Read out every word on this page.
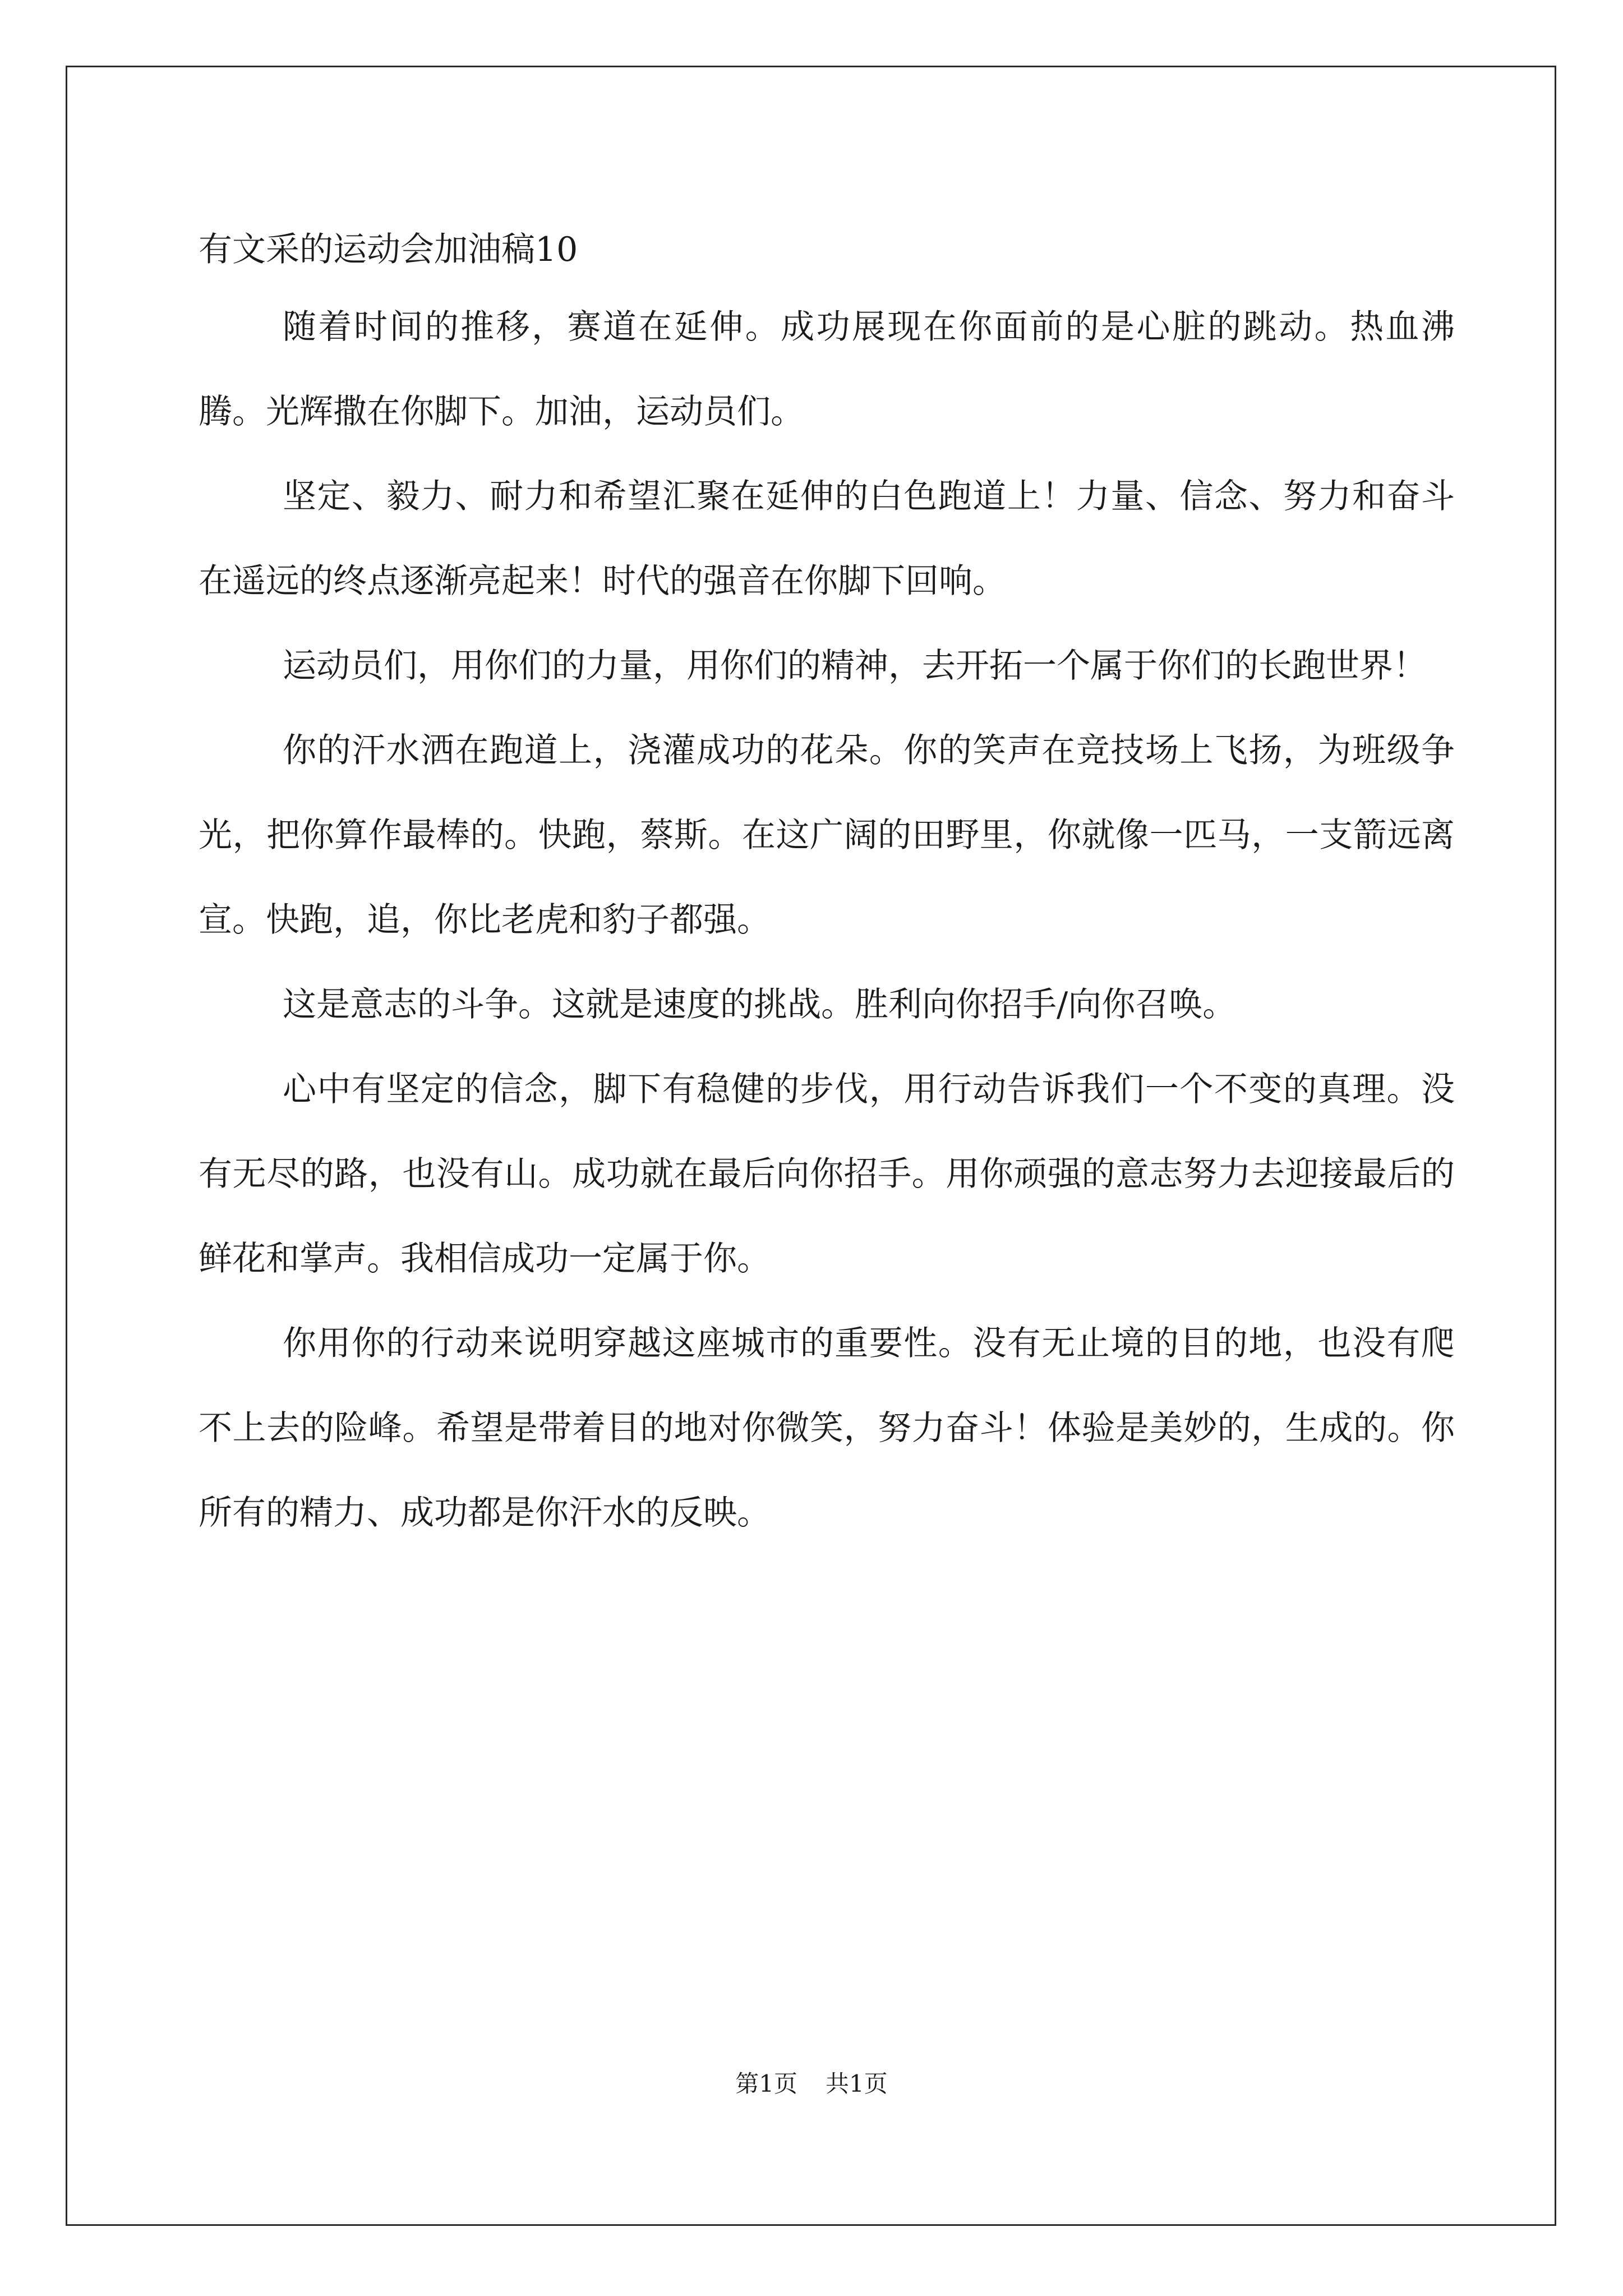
有文采的运动会加油稿10

随着时间的推移，赛道在延伸。成功展现在你面前的是心脏的跳动。热血沸腾。光辉撒在你脚下。加油，运动员们。

坚定、毅力、耐力和希望汇聚在延伸的白色跑道上！力量、信念、努力和奋斗在遥远的终点逐渐亮起来！时代的强音在你脚下回响。

运动员们，用你们的力量，用你们的精神，去开拓一个属于你们的长跑世界！

你的汗水洒在跑道上，浇灌成功的花朵。你的笑声在竞技场上飞扬，为班级争光，把你算作最棒的。快跑，蔡斯。在这广阔的田野里，你就像一匹马，一支箭远离宣。快跑，追，你比老虎和豹子都强。

这是意志的斗争。这就是速度的挑战。胜利向你招手/向你召唤。

心中有坚定的信念，脚下有稳健的步伐，用行动告诉我们一个不变的真理。没有无尽的路，也没有山。成功就在最后向你招手。用你顽强的意志努力去迎接最后的鲜花和掌声。我相信成功一定属于你。

你用你的行动来说明穿越这座城市的重要性。没有无止境的目的地，也没有爬不上去的险峰。希望是带着目的地对你微笑，努力奋斗！体验是美妙的，生成的。你所有的精力、成功都是你汗水的反映。

第1页 共1页
